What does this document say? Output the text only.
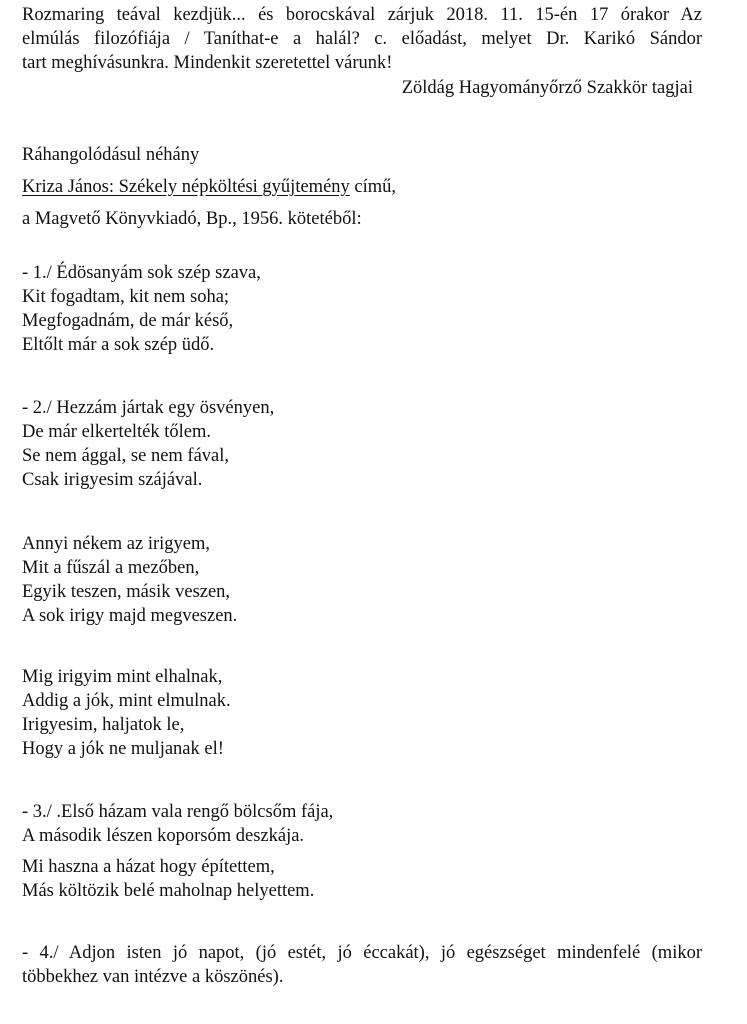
Rozmaring teával kezdjük... és borocskával zárjuk 2018. 11. 15-én 17 órakor Az
elmúlás filozófiája / Taníthat-e a halál? c. előadást, melyet Dr. Karikó Sándor
tart meghívásunkra. Mindenkit szeretettel várunk!
Zöldág Hagyományőrző Szakkör tagjai
Ráhangolódásul néhány
Kriza János: Székely népköltési gyűjtemény című,
a Magvető Könyvkiadó, Bp., 1956. kötetéből:
- 1./ Édösanyám sok szép szava,
Kit fogadtam, kit nem soha;
Megfogadnám, de már késő,
Eltőlt már a sok szép üdő.
- 2./ Hezzám jártak egy ösvényen,
De már elkertelték tőlem.
Se nem ággal, se nem fával,
Csak irigyesim szájával.
Annyi nékem az irigyem,
Mit a fűszál a mezőben,
Egyik teszen, másik veszen,
A sok irigy majd megveszen.
Mig irigyim mint elhalnak,
Addig a jók, mint elmulnak.
Irigyesim, haljatok le,
Hogy a jók ne muljanak el!
- 3./ .Első házam vala rengő bölcsőm fája,
A második lészen koporsóm deszkája.
Mi haszna a házat hogy építettem,
Más költözik belé maholnap helyettem.
- 4./ Adjon isten jó napot, (jó estét, jó éccakát), jó egészséget mindenfelé (mikor
többekhez van intézve a köszönés).
